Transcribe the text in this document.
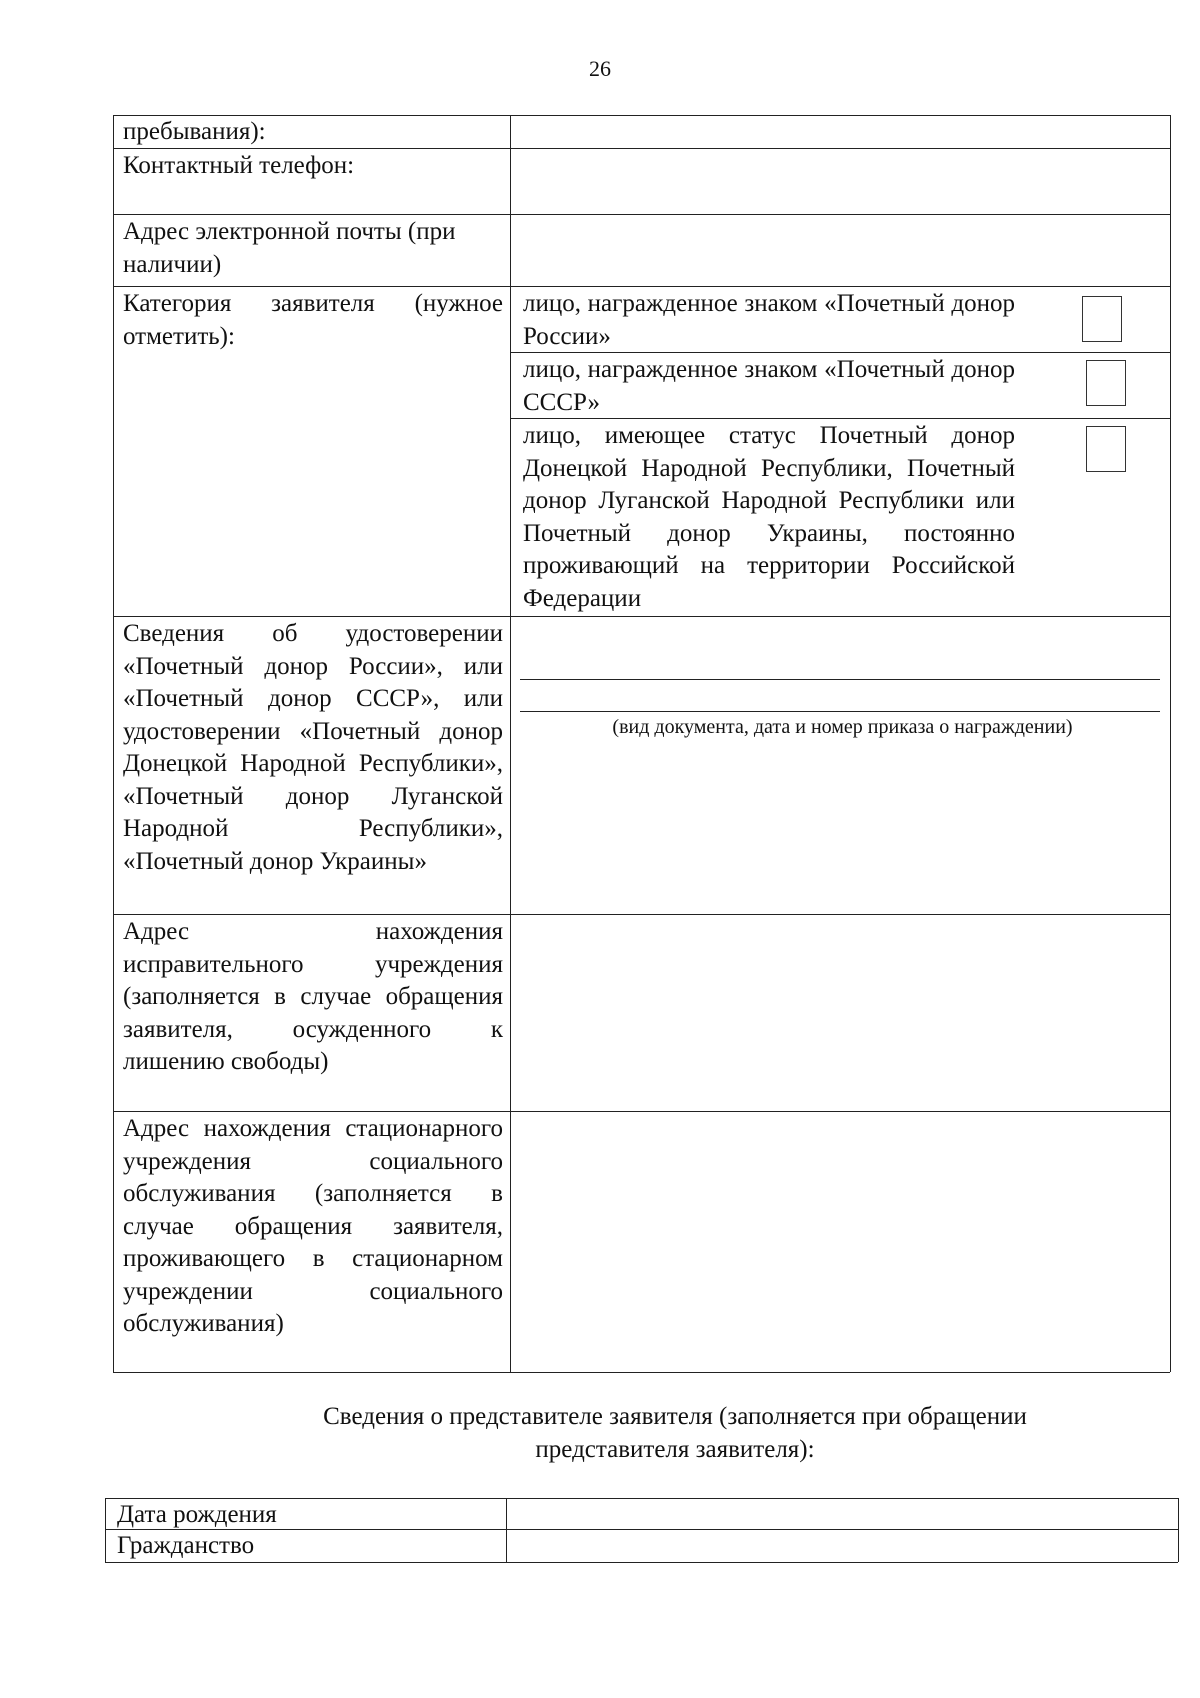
26
пребывания):
Контактный телефон:
Адрес электронной почты (при наличии)
Категория заявителя (нужное отметить):
лицо, награжденное знаком «Почетный донор России»
лицо, награжденное знаком «Почетный донор СССР»
лицо, имеющее статус Почетный донор Донецкой Народной Республики, Почетный донор Луганской Народной Республики или Почетный донор Украины, постоянно проживающий на территории Российской Федерации
Сведения об удостоверении «Почетный донор России», или «Почетный донор СССР», или удостоверении «Почетный донор Донецкой Народной Республики», «Почетный донор Луганской Народной Республики», «Почетный донор Украины»
(вид документа, дата и номер приказа о награждении)
Адрес нахождения исправительного учреждения (заполняется в случае обращения заявителя, осужденного к лишению свободы)
Адрес нахождения стационарного учреждения социального обслуживания (заполняется в случае обращения заявителя, проживающего в стационарном учреждении социального обслуживания)
Сведения о представителе заявителя (заполняется при обращении представителя заявителя):
Дата рождения
Гражданство
